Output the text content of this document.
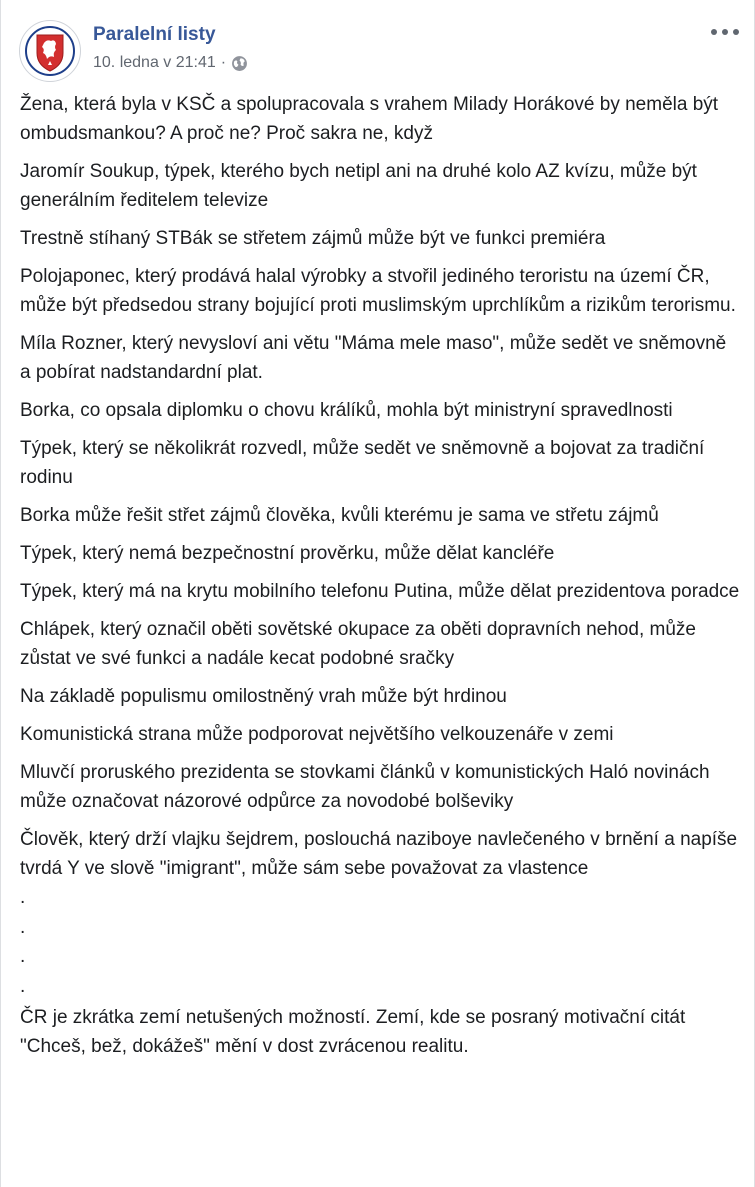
Paralelní listy
10. ledna v 21:41 ·

Žena, která byla v KSČ a spolupracovala s vrahem Milady Horákové by neměla být ombudsmankou? A proč ne? Proč sakra ne, když

Jaromír Soukup, týpek, kterého bych netipl ani na druhé kolo AZ kvízu, může být generálním ředitelem televize

Trestně stíhaný STBák se střetem zájmů může být ve funkci premiéra

Polojaponec, který prodává halal výrobky a stvořil jediného teroristu na území ČR, může být předsedou strany bojující proti muslimským uprchlíkům a rizikům terorismu.

Míla Rozner, který nevysloví ani větu "Máma mele maso", může sedět ve sněmovně a pobírat nadstandardní plat.

Borka, co opsala diplomku o chovu králíků, mohla být ministryní spravedlnosti

Týpek, který se několikrát rozvedl, může sedět ve sněmovně a bojovat za tradiční rodinu

Borka může řešit střet zájmů člověka, kvůli kterému je sama ve střetu zájmů

Týpek, který nemá bezpečnostní prověrku, může dělat kancléře

Týpek, který má na krytu mobilního telefonu Putina, může dělat prezidentova poradce

Chlápek, který označil oběti sovětské okupace za oběti dopravních nehod, může zůstat ve své funkci a nadále kecat podobné sračky

Na základě populismu omilostněný vrah může být hrdinou

Komunistická strana může podporovat největšího velkouzenáře v zemi

Mluvčí proruského prezidenta se stovkami článků v komunistických Haló novinách může označovat názorové odpůrce za novodobé bolševiky

Člověk, který drží vlajku šejdrem, poslouchá naziboye navlečeného v brnění a napíše tvrdá Y ve slově "imigrant", může sám sebe považovat za vlastence

.

.

.

.

ČR je zkrátka zemí netušených možností. Zemí, kde se posraný motivační citát "Chceš, bež, dokážeš" mění v dost zvrácenou realitu.
